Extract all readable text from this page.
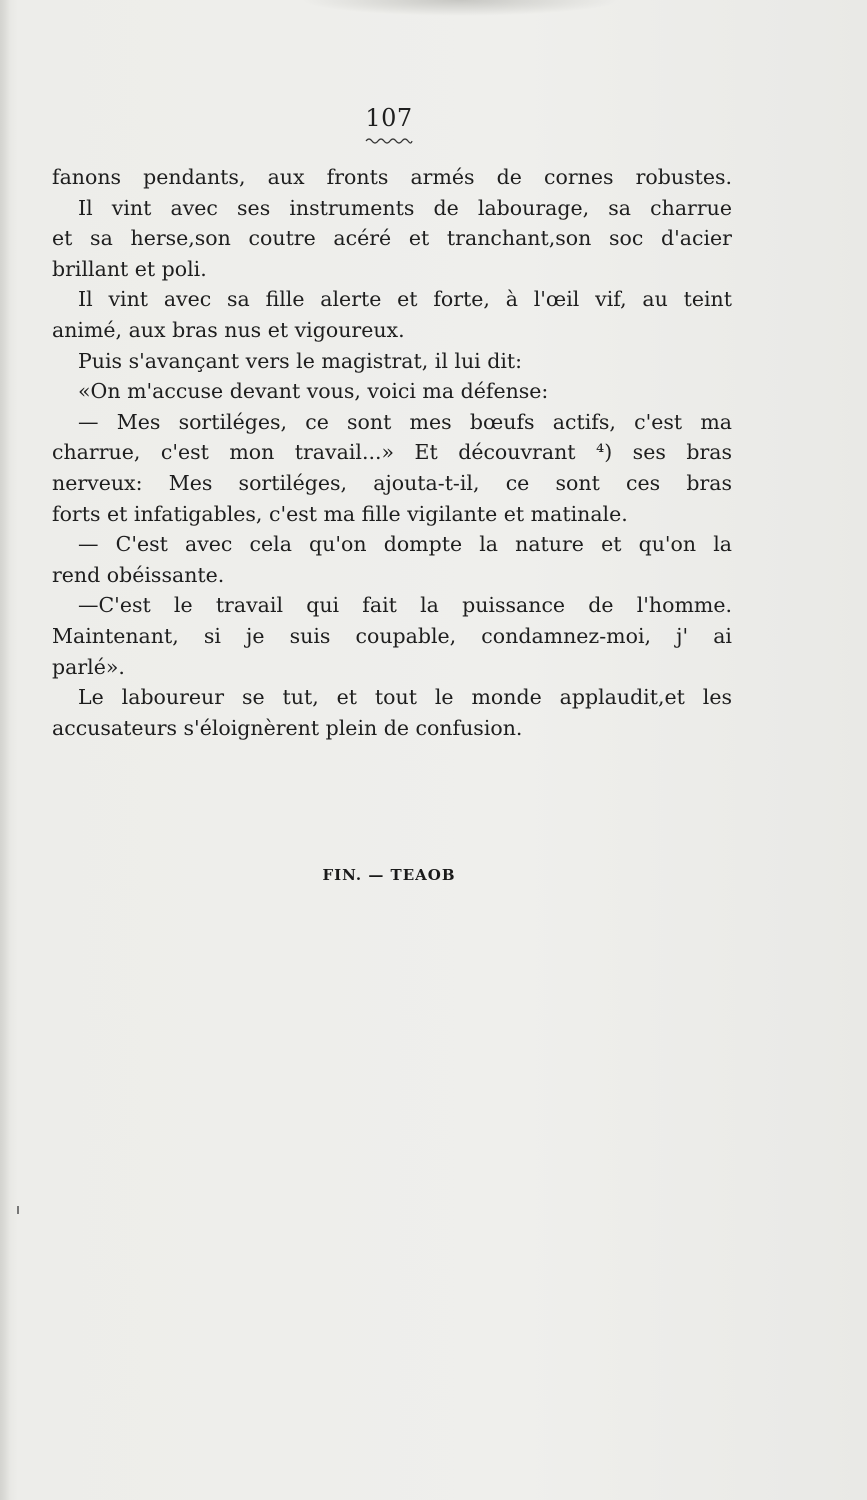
107
fanons pendants, aux fronts armés de cornes robustes.
Il vint avec ses instruments de labourage, sa charrue
et sa herse,son coutre acéré et tranchant,son soc d'acier
brillant et poli.
Il vint avec sa fille alerte et forte, à l'œil vif, au teint
animé, aux bras nus et vigoureux.
Puis s'avançant vers le magistrat, il lui dit:
«On m'accuse devant vous, voici ma défense:
— Mes sortiléges, ce sont mes bœufs actifs, c'est ma
charrue, c'est mon travail...» Et découvrant ⁴) ses bras
nerveux: Mes sortiléges, ajouta-t-il, ce sont ces bras
forts et infatigables, c'est ma fille vigilante et matinale.
— C'est avec cela qu'on dompte la nature et qu'on la
rend obéissante.
—C'est le travail qui fait la puissance de l'homme.
Maintenant, si je suis coupable, condamnez-moi, j' ai
parlé».
Le laboureur se tut, et tout le monde applaudit,et les
accusateurs s'éloignèrent plein de confusion.
FIN. — TEAOB
